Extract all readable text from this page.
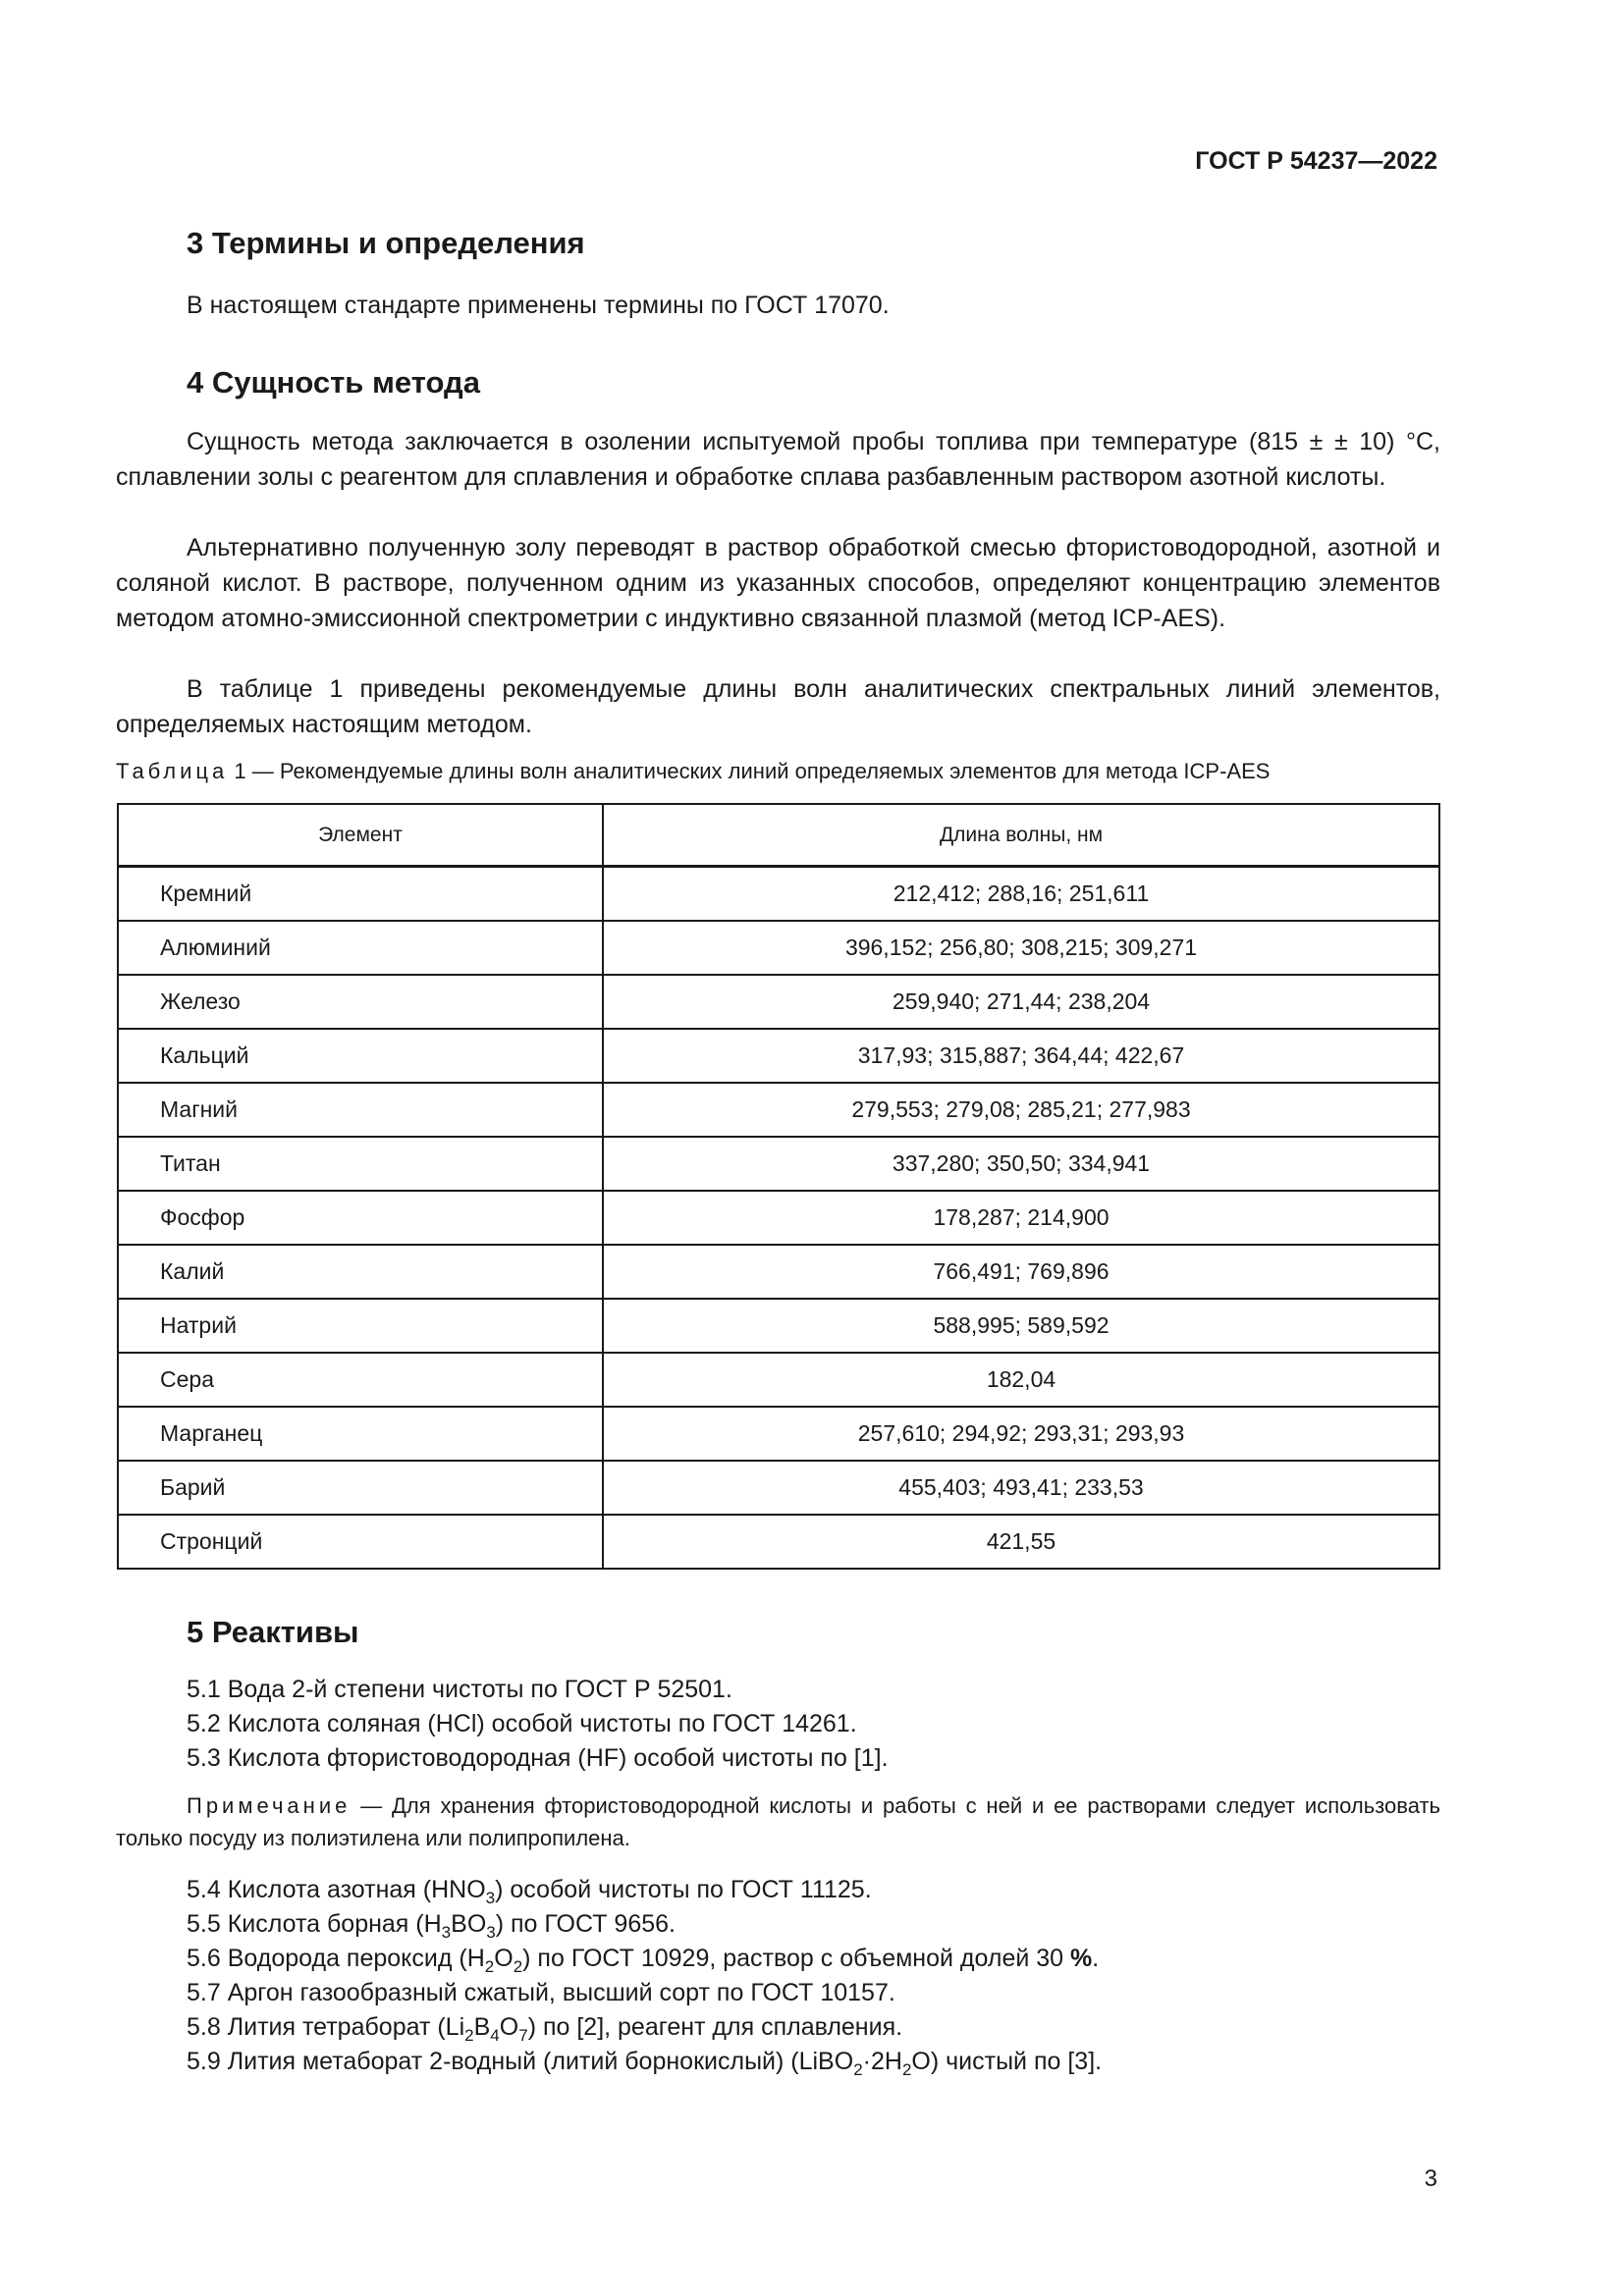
ГОСТ Р 54237—2022
3 Термины и определения
В настоящем стандарте применены термины по ГОСТ 17070.
4 Сущность метода
Сущность метода заключается в озолении испытуемой пробы топлива при температуре (815 ± ± 10) °С, сплавлении золы с реагентом для сплавления и обработке сплава разбавленным раствором азотной кислоты.
Альтернативно полученную золу переводят в раствор обработкой смесью фтористоводородной, азотной и соляной кислот. В растворе, полученном одним из указанных способов, определяют концентрацию элементов методом атомно-эмиссионной спектрометрии с индуктивно связанной плазмой (метод ICP-AES).
В таблице 1 приведены рекомендуемые длины волн аналитических спектральных линий элементов, определяемых настоящим методом.
Таблица 1 — Рекомендуемые длины волн аналитических линий определяемых элементов для метода ICP-AES
Элемент	Длина волны, нм
Кремний	212,412; 288,16; 251,611
Алюминий	396,152; 256,80; 308,215; 309,271
Железо	259,940; 271,44; 238,204
Кальций	317,93; 315,887; 364,44; 422,67
Магний	279,553; 279,08; 285,21; 277,983
Титан	337,280; 350,50; 334,941
Фосфор	178,287; 214,900
Калий	766,491; 769,896
Натрий	588,995; 589,592
Сера	182,04
Марганец	257,610; 294,92; 293,31; 293,93
Барий	455,403; 493,41; 233,53
Стронций	421,55
5 Реактивы
5.1 Вода 2-й степени чистоты по ГОСТ Р 52501.
5.2 Кислота соляная (HCl) особой чистоты по ГОСТ 14261.
5.3 Кислота фтористоводородная (HF) особой чистоты по [1].
Примечание — Для хранения фтористоводородной кислоты и работы с ней и ее растворами следует использовать только посуду из полиэтилена или полипропилена.
5.4 Кислота азотная $(HNO_3)$ особой чистоты по ГОСТ 11125.
5.5 Кислота борная $(H_3BO_3)$ по ГОСТ 9656.
5.6 Водорода пероксид $(H_2O_2)$ по ГОСТ 10929, раствор с объемной долей 30 %.
5.7 Аргон газообразный сжатый, высший сорт по ГОСТ 10157.
5.8 Лития тетраборат $(Li_2B_4O_7)$ по [2], реагент для сплавления.
5.9 Лития метаборат 2-водный (литий борнокислый) $(LiBO_2\cdot 2H_2O)$ чистый по [3].
3
